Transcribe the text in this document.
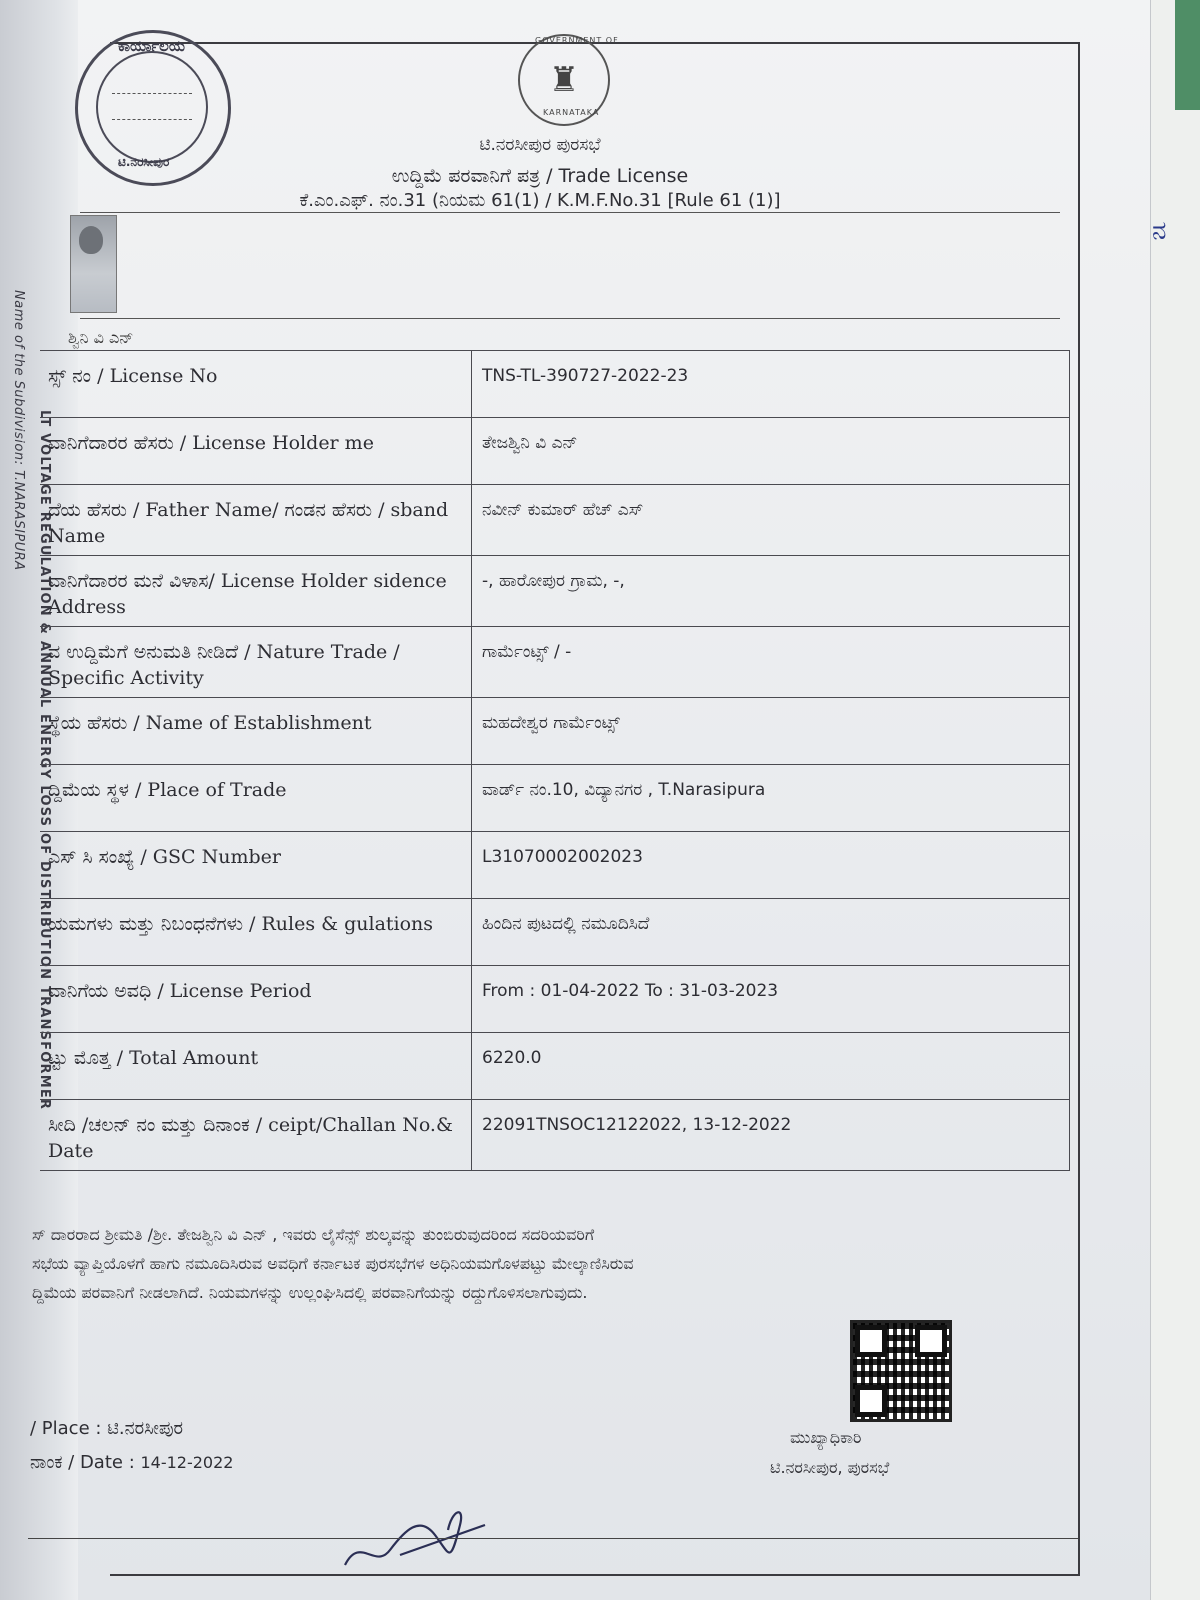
Name of the Subdivision: T.NARASIPURA LT VOLTAGE REGULATION & ANNUAL ENERGY LOSS OF DISTRIBUTION TRANSFORMER
ನ
ಕಾರ್ಯಾಲಯ
ಟಿ.ನರಸೀಪುರ
♜
GOVERNMENT OF
KARNATAKA
ಟಿ.ನರಸೀಪುರ ಪುರಸಭೆ
ಉದ್ದಿಮೆ ಪರವಾನಿಗೆ ಪತ್ರ / Trade License
ಕೆ.ಎಂ.ಎಫ್. ನಂ.31 (ನಿಯಮ 61(1) / K.M.F.No.31 [Rule 61 (1)]
ಶ್ವಿನಿ ವಿ ಎನ್
ಸ್ಸ್ ನಂ / License No	TNS-TL-390727-2022-23
ವಾನಿಗೆದಾರರ ಹೆಸರು / License Holder me	ತೇಜಶ್ವಿನಿ ವಿ ಎನ್
ದೆಯ ಹೆಸರು / Father Name/ ಗಂಡನ ಹೆಸರು / sband Name	ನವೀನ್ ಕುಮಾರ್ ಹೆಚ್ ಎಸ್
ವಾನಿಗೆದಾರರ ಮನೆ ವಿಳಾಸ/ License Holder sidence Address	-, ಹಾರೋಪುರ ಗ್ರಾಮ, -,
ವ ಉದ್ದಿಮೆಗೆ ಅನುಮತಿ ನೀಡಿದೆ / Nature Trade / Specific Activity	ಗಾರ್ಮೆಂಟ್ಸ್ / -
ಸ್ಥೆಯ ಹೆಸರು / Name of Establishment	ಮಹದೇಶ್ವರ ಗಾರ್ಮೆಂಟ್ಸ್
ದ್ದಿಮೆಯ ಸ್ಥಳ / Place of Trade	ವಾರ್ಡ್ ನಂ.10, ವಿದ್ಯಾನಗರ , T.Narasipura
ಎಸ್ ಸಿ ಸಂಖ್ಯೆ / GSC Number	L31070002002023
ಯಮಗಳು ಮತ್ತು ನಿಬಂಧನೆಗಳು / Rules & gulations	ಹಿಂದಿನ ಪುಟದಲ್ಲಿ ನಮೂದಿಸಿದೆ
ವಾನಿಗೆಯ ಅವಧಿ / License Period	From : 01-04-2022 To : 31-03-2023
ಟ್ಟು ಮೊತ್ತ / Total Amount	6220.0
ಸೀದಿ /ಚಲನ್ ನಂ ಮತ್ತು ದಿನಾಂಕ / ceipt/Challan No.& Date	22091TNSOC12122022, 13-12-2022
ಸ್ ದಾರರಾದ ಶ್ರೀಮತಿ /ಶ್ರೀ. ತೇಜಶ್ವಿನಿ ವಿ ಎನ್ , ಇವರು ಲೈಸೆನ್ಸ್ ಶುಲ್ಕವನ್ನು ತುಂಬಿರುವುದರಿಂದ ಸದರಿಯವರಿಗೆ
ಸಭೆಯ ವ್ಯಾಪ್ತಿಯೊಳಗೆ ಹಾಗು ನಮೂದಿಸಿರುವ ಅವಧಿಗೆ ಕರ್ನಾಟಕ ಪುರಸಭೆಗಳ ಅಧಿನಿಯಮಗೊಳಪಟ್ಟು ಮೇಲ್ಕಾಣಿಸಿರುವ
ದ್ದಿಮೆಯ ಪರವಾನಿಗೆ ನೀಡಲಾಗಿದೆ. ನಿಯಮಗಳನ್ನು ಉಲ್ಲಂಘಿಸಿದಲ್ಲಿ ಪರವಾನಿಗೆಯನ್ನು ರದ್ದುಗೊಳಿಸಲಾಗುವುದು.
/ Place : ಟಿ.ನರಸೀಪುರ
ನಾಂಕ / Date : 14-12-2022
ಮುಖ್ಯಾಧಿಕಾರಿ
ಟಿ.ನರಸೀಪುರ, ಪುರಸಭೆ
